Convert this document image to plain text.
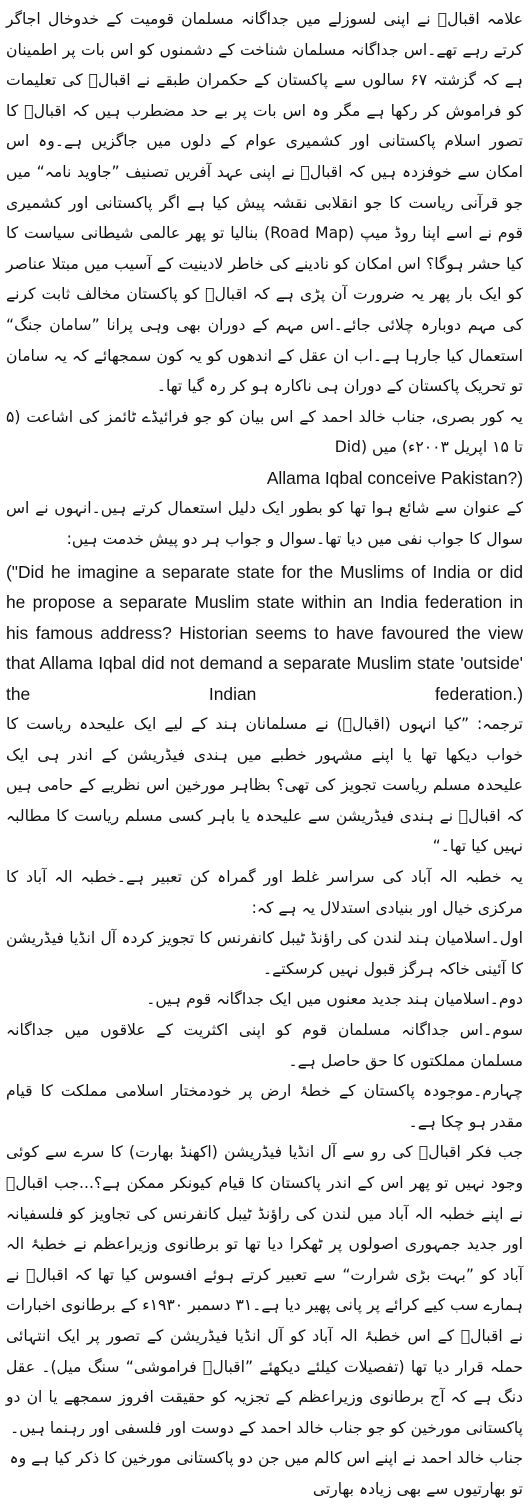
علامہ اقبالؒ نے اپنی لسوزلے میں جداگانہ مسلمان قومیت کے خدوخال اجاگر کرتے رہے تھے۔اس جداگانہ مسلمان شناخت کے دشمنوں کو اس بات پر اطمینان ہے کہ گزشتہ ۶۷ سالوں سے پاکستان کے حکمران طبقے نے اقبالؒ کی تعلیمات کو فراموش کر رکھا ہے مگر وہ اس بات پر بے حد مضطرب ہیں کہ اقبالؒ کا تصور اسلام پاکستانی اور کشمیری عوام کے دلوں میں جاگزیں ہے۔وہ اس امکان سے خوفزدہ ہیں کہ اقبالؒ نے اپنی عہد آفریں تصنیف ”جاوید نامہ“ میں جو قرآنی ریاست کا جو انقلابی نقشہ پیش کیا ہے اگر پاکستانی اور کشمیری قوم نے اسے اپنا روڈ میپ (Road Map) بنالیا تو پھر عالمی شیطانی سیاست کا کیا حشر ہوگا؟ اس امکان کو نادینے کی خاطر لادینیت کے آسیب میں مبتلا عناصر کو ایک بار پھر یہ ضرورت آن پڑی ہے کہ اقبالؒ کو پاکستان مخالف ثابت کرنے کی مہم دوبارہ چلائی جائے۔اس مہم کے دوران بھی وہی پرانا ”سامان جنگ“ استعمال کیا جارہا ہے۔اب ان عقل کے اندھوں کو یہ کون سمجھائے کہ یہ سامان تو تحریک پاکستان کے دوران ہی ناکارہ ہو کر رہ گیا تھا۔

یہ کور بصری، جناب خالد احمد کے اس بیان کو جو فرائیڈے ٹائمز کی اشاعت (۵ تا ۱۵ اپریل ۲۰۰۳ء) میں (Did

Allama Iqbal conceive Pakistan?)

کے عنوان سے شائع ہوا تھا کو بطور ایک دلیل استعمال کرتے ہیں۔انہوں نے اس سوال کا جواب نفی میں دیا تھا۔سوال و جواب ہر دو پیش خدمت ہیں:

("Did he imagine a separate state for the Muslims of India or did

he propose a separate Muslim state within an India federation in

his famous address? Historian seems to have favoured the view

that Allama Iqbal did not demand a separate Muslim state 'outside'

the Indian federation.)

ترجمہ: ”کیا انہوں (اقبالؒ) نے مسلمانان ہند کے لیے ایک علیحدہ ریاست کا خواب دیکھا تھا یا اپنے مشہور خطبے میں ہندی فیڈریشن کے اندر ہی ایک علیحدہ مسلم ریاست تجویز کی تھی؟ بظاہر مورخین اس نظریے کے حامی ہیں کہ اقبالؒ نے ہندی فیڈریشن سے علیحدہ یا باہر کسی مسلم ریاست کا مطالبہ نہیں کیا تھا۔“

یہ خطبہ الہ آباد کی سراسر غلط اور گمراہ کن تعبیر ہے۔خطبہ الہ آباد کا مرکزی خیال اور بنیادی استدلال یہ ہے کہ:

اول۔اسلامیان ہند لندن کی راؤنڈ ٹیبل کانفرنس کا تجویز کردہ آل انڈیا فیڈریشن کا آئینی خاکہ ہرگز قبول نہیں کرسکتے۔

دوم۔اسلامیان ہند جدید معنوں میں ایک جداگانہ قوم ہیں۔

سوم۔اس جداگانہ مسلمان قوم کو اپنی اکثریت کے علاقوں میں جداگانہ مسلمان مملکتوں کا حق حاصل ہے۔

چہارم۔موجودہ پاکستان کے خطۂ ارض پر خودمختار اسلامی مملکت کا قیام مقدر ہو چکا ہے۔

جب فکر اقبالؒ کی رو سے آل انڈیا فیڈریشن (اکھنڈ بھارت) کا سرے سے کوئی وجود نہیں تو پھر اس کے اندر پاکستان کا قیام کیونکر ممکن ہے؟...جب اقبالؒ نے اپنے خطبہ الہ آباد میں لندن کی راؤنڈ ٹیبل کانفرنس کی تجاویز کو فلسفیانہ اور جدید جمہوری اصولوں پر ٹھکرا دیا تھا تو برطانوی وزیراعظم نے خطبۂ الہ آباد کو ”بہت بڑی شرارت“ سے تعبیر کرتے ہوئے افسوس کیا تھا کہ اقبالؒ نے ہمارے سب کیے کرائے پر پانی پھیر دیا ہے۔۳۱ دسمبر ۱۹۳۰ء کے برطانوی اخبارات نے اقبالؒ کے اس خطبۂ الہ آباد کو آل انڈیا فیڈریشن کے تصور پر ایک انتہائی حملہ قرار دیا تھا (تفصیلات کیلئے دیکھئے ”اقبالؒ فراموشی“ سنگ میل)۔ عقل دنگ ہے کہ آج برطانوی وزیراعظم کے تجزیہ کو حقیقت افروز سمجھے یا ان دو پاکستانی مورخین کو جو جناب خالد احمد کے دوست اور فلسفی اور رہنما ہیں۔

جناب خالد احمد نے اپنے اس کالم میں جن دو پاکستانی مورخین کا ذکر کیا ہے وہ تو بھارتیوں سے بھی زیادہ بھارتی
